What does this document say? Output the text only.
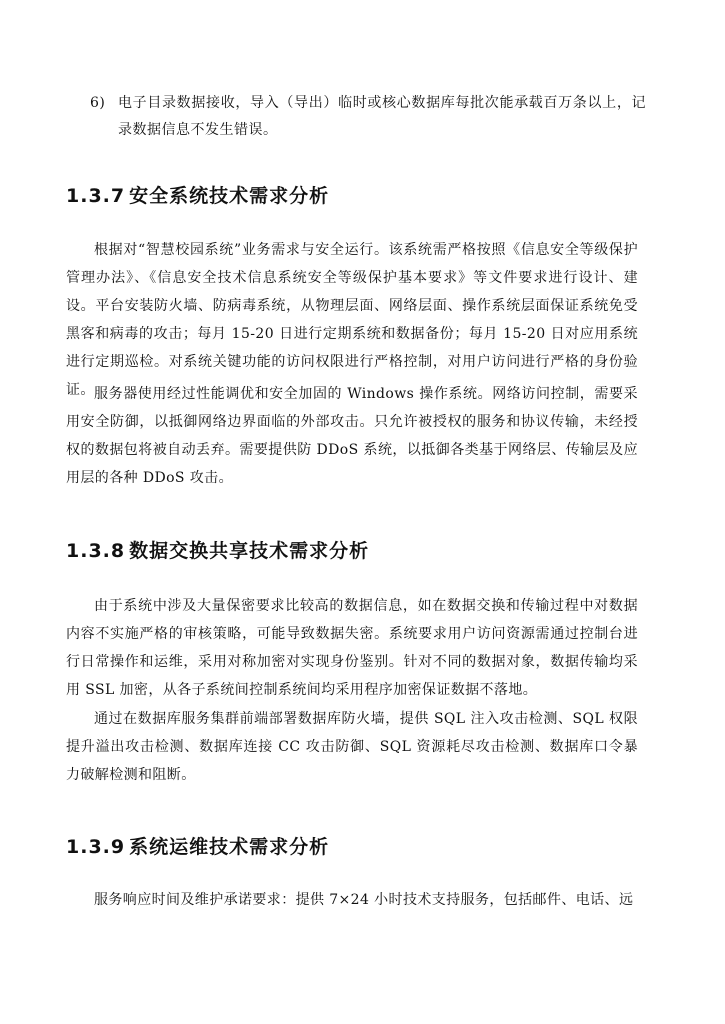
6) 电子目录数据接收，导入（导出）临时或核心数据库每批次能承载百万条以上，记录数据信息不发生错误。
1.3.7 安全系统技术需求分析

根据对“智慧校园系统”业务需求与安全运行。该系统需严格按照《信息安全等级保护管理办法》、《信息安全技术信息系统安全等级保护基本要求》等文件要求进行设计、建设。平台安装防火墙、防病毒系统，从物理层面、网络层面、操作系统层面保证系统免受黑客和病毒的攻击；每月 15-20 日进行定期系统和数据备份；每月 15-20 日对应用系统进行定期巡检。对系统关键功能的访问权限进行严格控制，对用户访问进行严格的身份验证。 服务器使用经过性能调优和安全加固的 Windows 操作系统。网络访问控制，需要采用安全防御，以抵御网络边界面临的外部攻击。只允许被授权的服务和协议传输，未经授权的数据包将被自动丢弃。需要提供防 DDoS 系统，以抵御各类基于网络层、传输层及应用层的各种 DDoS 攻击。

1.3.8 数据交换共享技术需求分析

由于系统中涉及大量保密要求比较高的数据信息，如在数据交换和传输过程中对数据内容不实施严格的审核策略，可能导致数据失密。系统要求用户访问资源需通过控制台进行日常操作和运维，采用对称加密对实现身份鉴别。针对不同的数据对象，数据传输均采用 SSL 加密，从各子系统间控制系统间均采用程序加密保证数据不落地。

通过在数据库服务集群前端部署数据库防火墙，提供 SQL 注入攻击检测、SQL 权限提升溢出攻击检测、数据库连接 CC 攻击防御、SQL 资源耗尽攻击检测、数据库口令暴力破解检测和阻断。

1.3.9 系统运维技术需求分析

服务响应时间及维护承诺要求：提供 7×24 小时技术支持服务，包括邮件、电话、远
